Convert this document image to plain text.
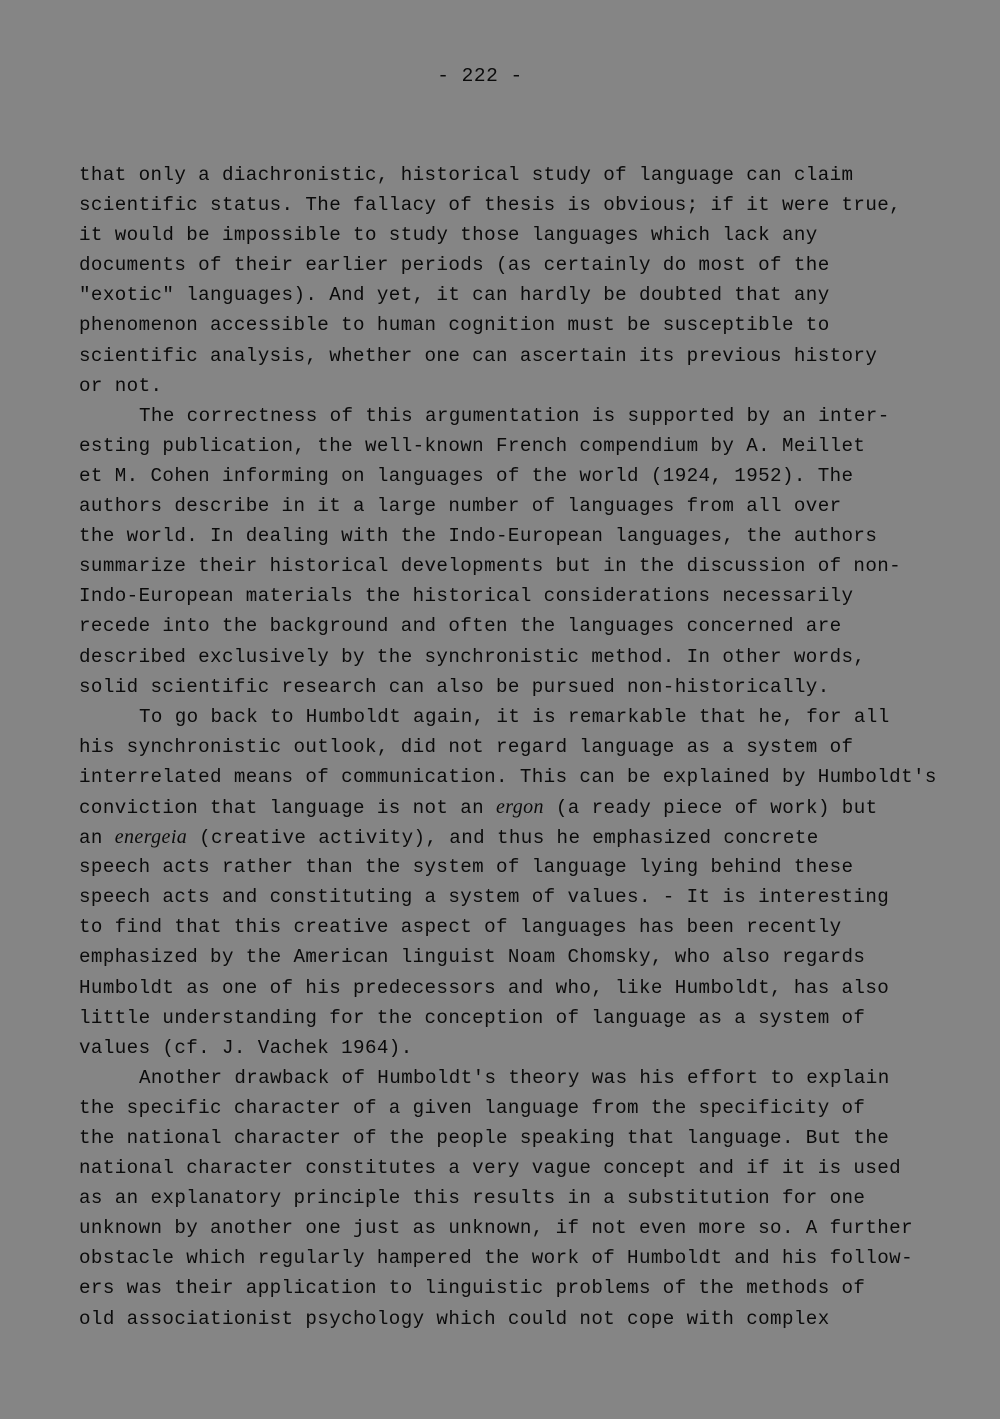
- 222 -
that only a diachronistic, historical study of language can claim
scientific status. The fallacy of thesis is obvious; if it were true,
it would be impossible to study those languages which lack any
documents of their earlier periods (as certainly do most of the
"exotic" languages). And yet, it can hardly be doubted that any
phenomenon accessible to human cognition must be susceptible to
scientific analysis, whether one can ascertain its previous history
or not.
The correctness of this argumentation is supported by an inter-
esting publication, the well-known French compendium by A. Meillet
et M. Cohen informing on languages of the world (1924, 1952). The
authors describe in it a large number of languages from all over
the world. In dealing with the Indo-European languages, the authors
summarize their historical developments but in the discussion of non-
Indo-European materials the historical considerations necessarily
recede into the background and often the languages concerned are
described exclusively by the synchronistic method. In other words,
solid scientific research can also be pursued non-historically.
To go back to Humboldt again, it is remarkable that he, for all
his synchronistic outlook, did not regard language as a system of
interrelated means of communication. This can be explained by Humboldt's
conviction that language is not an ergon (a ready piece of work) but
an energeia (creative activity), and thus he emphasized concrete
speech acts rather than the system of language lying behind these
speech acts and constituting a system of values. - It is interesting
to find that this creative aspect of languages has been recently
emphasized by the American linguist Noam Chomsky, who also regards
Humboldt as one of his predecessors and who, like Humboldt, has also
little understanding for the conception of language as a system of
values (cf. J. Vachek 1964).
Another drawback of Humboldt's theory was his effort to explain
the specific character of a given language from the specificity of
the national character of the people speaking that language. But the
national character constitutes a very vague concept and if it is used
as an explanatory principle this results in a substitution for one
unknown by another one just as unknown, if not even more so. A further
obstacle which regularly hampered the work of Humboldt and his follow-
ers was their application to linguistic problems of the methods of
old associationist psychology which could not cope with complex
